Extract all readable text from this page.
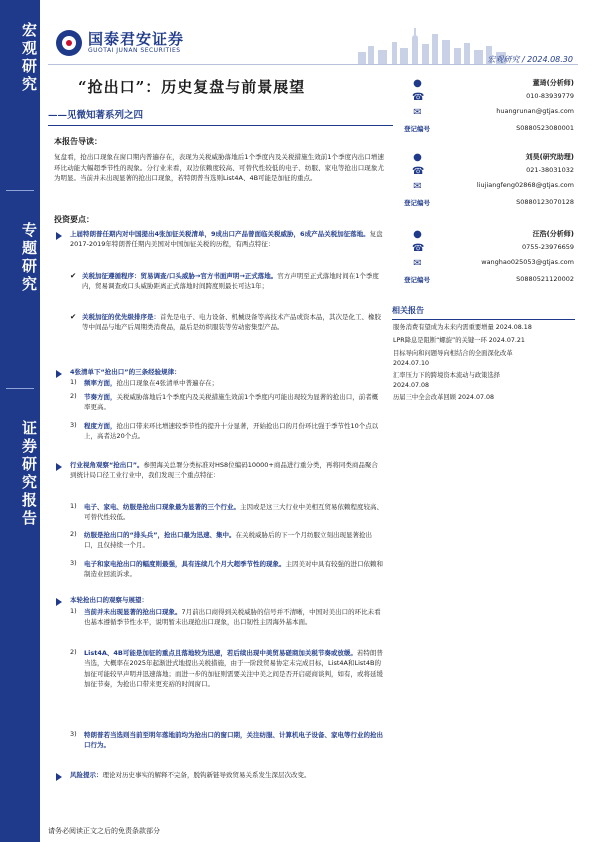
宏观研究
专题研究
证券研究报告
国泰君安证券
GUOTAI JUNAN SECURITIES
宏观研究 / 2024.08.30
“抢出口”：历史复盘与前景展望
——见微知著系列之四
●	董琦(分析师)
☎	010-83939779
✉	huangrunan@gtjas.com
登记编号	S0880523080001
●	刘昊(研究助理)
☎	021-38031032
✉	liujiangfeng02868@gtjas.com
登记编号	S0880123070128
●	汪浩(分析师)
☎	0755-23976659
✉	wanghao025053@gtjas.com
登记编号	S0880521120002
本报告导读：
复盘看，抢出口现象在窗口期内普遍存在，表现为关税威胁落地后1个季度内及关税措施生效前1个季度内出口增速环比动能大幅超季节性的现象。分行业来看，双边依赖度较高、可替代性较低的电子、纺服、家电等抢出口现象尤为明显。当前并未出现显著的抢出口现象，若特朗普当选则List4A、4B可能是加征的重点。
投资要点：
上届特朗普任期内对中国提出4张加征关税清单，9成出口产品曾面临关税威胁，6成产品关税加征落地。复盘2017-2019年特朗普任期内美国对中国加征关税的历程，有两点特征：
✔ 关税加征遵循程序：贸易调查/口头威胁→官方书面声明→正式落地。官方声明至正式落地时间在1个季度内，贸易调查或口头威胁距离正式落地时间跨度则最长可达1年；
✔ 关税加征的优先级排序是：首先是电子、电力设备、机械设备等高技术产品或资本品，其次是化工、橡胶等中间品与地产后周期类消费品，最后是纺织服装等劳动密集型产品。
4张清单下“抢出口”的三条经验规律：
1) 频率方面，抢出口现象在4张清单中普遍存在；
2) 节奏方面，关税威胁落地后1个季度内及关税措施生效前1个季度内可能出现较为显著的抢出口，前者概率更高。
3) 程度方面，抢出口带来环比增速较季节性的提升十分显著，开始抢出口的月份环比强于季节性10个点以上，高者达20个点。
行业视角观察“抢出口”。参照海关总署分类标准对HS8位编码10000+商品进行重分类，再将同类商品聚合到统计局口径工业行业中，我们发现三个重点特征：
1) 电子、家电、纺服是抢出口现象最为显著的三个行业。主因或是这三大行业中美相互贸易依赖程度较高、可替代性较低。
2) 纺服是抢出口的“排头兵”，抢出口最为迅速、集中。在关税威胁后的下一个月纺服立刻出现显著抢出口，且仅持续一个月。
3) 电子和家电抢出口的幅度则最强，具有连续几个月大超季节性的现象。主因美对中具有较强的进口依赖和制造业回流诉求。
本轮抢出口的观察与展望：
1) 当前并未出现显著的抢出口现象。7月前出口商得到关税威胁的信号并不清晰，中国对美出口的环比未看也基本遵循季节性水平，说明暂未出现抢出口现象，出口韧性主因海外基本面。
2) List4A、4B可能是加征的重点且落地较为迅速，若后续出现中美贸易磋商加关税节奏或放缓。若特朗普当选，大概率在2025年起渐进式地提出关税措施，由于一阶段贸易协定未完成目标，List4A和List4B的加征可能较早声明并迅速落地；而进一步的加征则需要关注中美之间是否开启磋商谈判，如有，或将延缓加征节奏，为抢出口带来更充裕的时间窗口。
3) 特朗普若当选则当前至明年落地前均为抢出口的窗口期，关注纺服、计算机电子设备、家电等行业的抢出口行为。
风险提示：理论对历史事实的解释不完备，脱钩新链导致贸易关系发生深层次改变。
相关报告
服务消费有望成为未来内需重要增量 2024.08.18
LPR降息是阻断“螺旋”的关键一环 2024.07.21
目标导向和问题导向相结合的全面深化改革
2024.07.10
汇率压力下的跨境资本流动与政策选择
2024.07.08
历届三中全会改革回顾 2024.07.08
请务必阅读正文之后的免责条款部分
